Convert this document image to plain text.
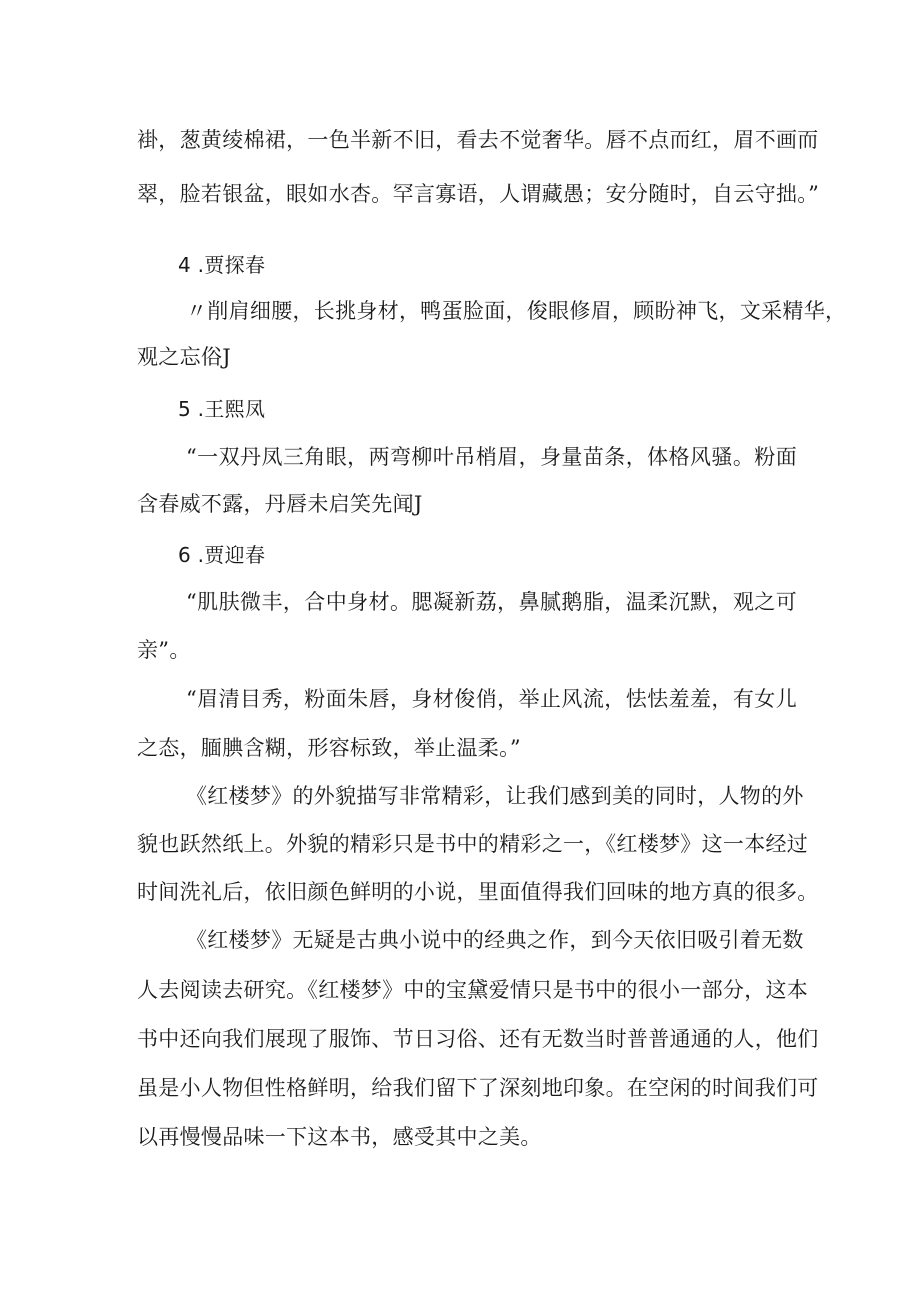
褂，葱黄绫棉裙，一色半新不旧，看去不觉奢华。唇不点而红，眉不画而
翠，脸若银盆，眼如水杏。罕言寡语，人谓藏愚；安分随时，自云守拙。”
4 .贾探春
〃削肩细腰，长挑身材，鸭蛋脸面，俊眼修眉，顾盼神飞，文采精华，
观之忘俗J
5 .王熙凤
“一双丹凤三角眼，两弯柳叶吊梢眉，身量苗条，体格风骚。粉面
含春威不露，丹唇未启笑先闻J
6 .贾迎春
“肌肤微丰，合中身材。腮凝新荔，鼻腻鹅脂，温柔沉默，观之可
亲”。
“眉清目秀，粉面朱唇，身材俊俏，举止风流，怯怯羞羞，有女儿
之态，腼腆含糊，形容标致，举止温柔。”
《红楼梦》的外貌描写非常精彩，让我们感到美的同时，人物的外
貌也跃然纸上。外貌的精彩只是书中的精彩之一，《红楼梦》这一本经过
时间洗礼后，依旧颜色鲜明的小说，里面值得我们回味的地方真的很多。
《红楼梦》无疑是古典小说中的经典之作，到今天依旧吸引着无数
人去阅读去研究。《红楼梦》中的宝黛爱情只是书中的很小一部分，这本
书中还向我们展现了服饰、节日习俗、还有无数当时普普通通的人，他们
虽是小人物但性格鲜明，给我们留下了深刻地印象。在空闲的时间我们可
以再慢慢品味一下这本书，感受其中之美。
